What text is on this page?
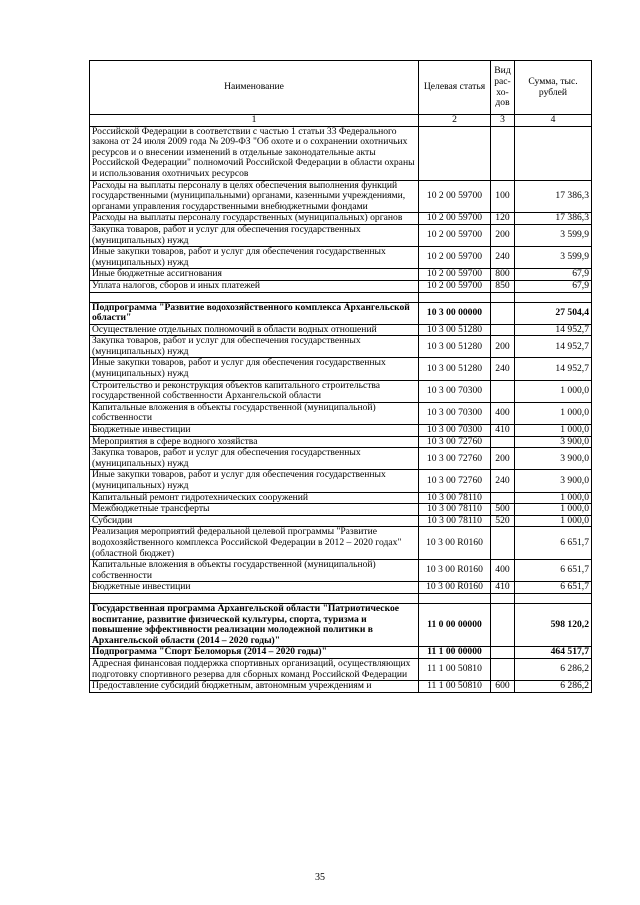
Наименование	Целевая статья	Вид рас-хо-дов	Сумма, тыс. рублей
1	2	3	4
Российской Федерации в соответствии с частью 1 статьи 33 Федерального закона от 24 июля 2009 года № 209-ФЗ "Об охоте и о сохранении охотничьих ресурсов и о внесении изменений в отдельные законодательные акты Российской Федерации" полномочий Российской Федерации в области охраны и использования охотничьих ресурсов			
Расходы на выплаты персоналу в целях обеспечения выполнения функций государственными (муниципальными) органами, казенными учреждениями, органами управления государственными внебюджетными фондами	10 2 00 59700	100	17 386,3
Расходы на выплаты персоналу государственных (муниципальных) органов	10 2 00 59700	120	17 386,3
Закупка товаров, работ и услуг для обеспечения государственных (муниципальных) нужд	10 2 00 59700	200	3 599,9
Иные закупки товаров, работ и услуг для обеспечения государственных (муниципальных) нужд	10 2 00 59700	240	3 599,9
Иные бюджетные ассигнования	10 2 00 59700	800	67,9
Уплата налогов, сборов и иных платежей	10 2 00 59700	850	67,9

Подпрограмма "Развитие водохозяйственного комплекса Архангельской области"	10 3 00 00000		27 504,4
Осуществление отдельных полномочий в области водных отношений	10 3 00 51280		14 952,7
Закупка товаров, работ и услуг для обеспечения государственных (муниципальных) нужд	10 3 00 51280	200	14 952,7
Иные закупки товаров, работ и услуг для обеспечения государственных (муниципальных) нужд	10 3 00 51280	240	14 952,7
Строительство и реконструкция объектов капитального строительства государственной собственности Архангельской области	10 3 00 70300		1 000,0
Капитальные вложения в объекты государственной (муниципальной) собственности	10 3 00 70300	400	1 000,0
Бюджетные инвестиции	10 3 00 70300	410	1 000,0
Мероприятия в сфере водного хозяйства	10 3 00 72760		3 900,0
Закупка товаров, работ и услуг для обеспечения государственных (муниципальных) нужд	10 3 00 72760	200	3 900,0
Иные закупки товаров, работ и услуг для обеспечения государственных (муниципальных) нужд	10 3 00 72760	240	3 900,0
Капитальный ремонт гидротехнических сооружений	10 3 00 78110		1 000,0
Межбюджетные трансферты	10 3 00 78110	500	1 000,0
Субсидии	10 3 00 78110	520	1 000,0
Реализация мероприятий федеральной целевой программы "Развитие водохозяйственного комплекса Российской Федерации в 2012 – 2020 годах" (областной бюджет)	10 3 00 R0160		6 651,7
Капитальные вложения в объекты государственной (муниципальной) собственности	10 3 00 R0160	400	6 651,7
Бюджетные инвестиции	10 3 00 R0160	410	6 651,7

Государственная программа Архангельской области "Патриотическое воспитание, развитие физической культуры, спорта, туризма и повышение эффективности реализации молодежной политики в Архангельской области (2014 – 2020 годы)"	11 0 00 00000		598 120,2
Подпрограмма "Спорт Беломорья (2014 – 2020 годы)"	11 1 00 00000		464 517,7
Адресная финансовая поддержка спортивных организаций, осуществляющих подготовку спортивного резерва для сборных команд Российской Федерации	11 1 00 50810		6 286,2
Предоставление субсидий бюджетным, автономным учреждениям и	11 1 00 50810	600	6 286,2
35
